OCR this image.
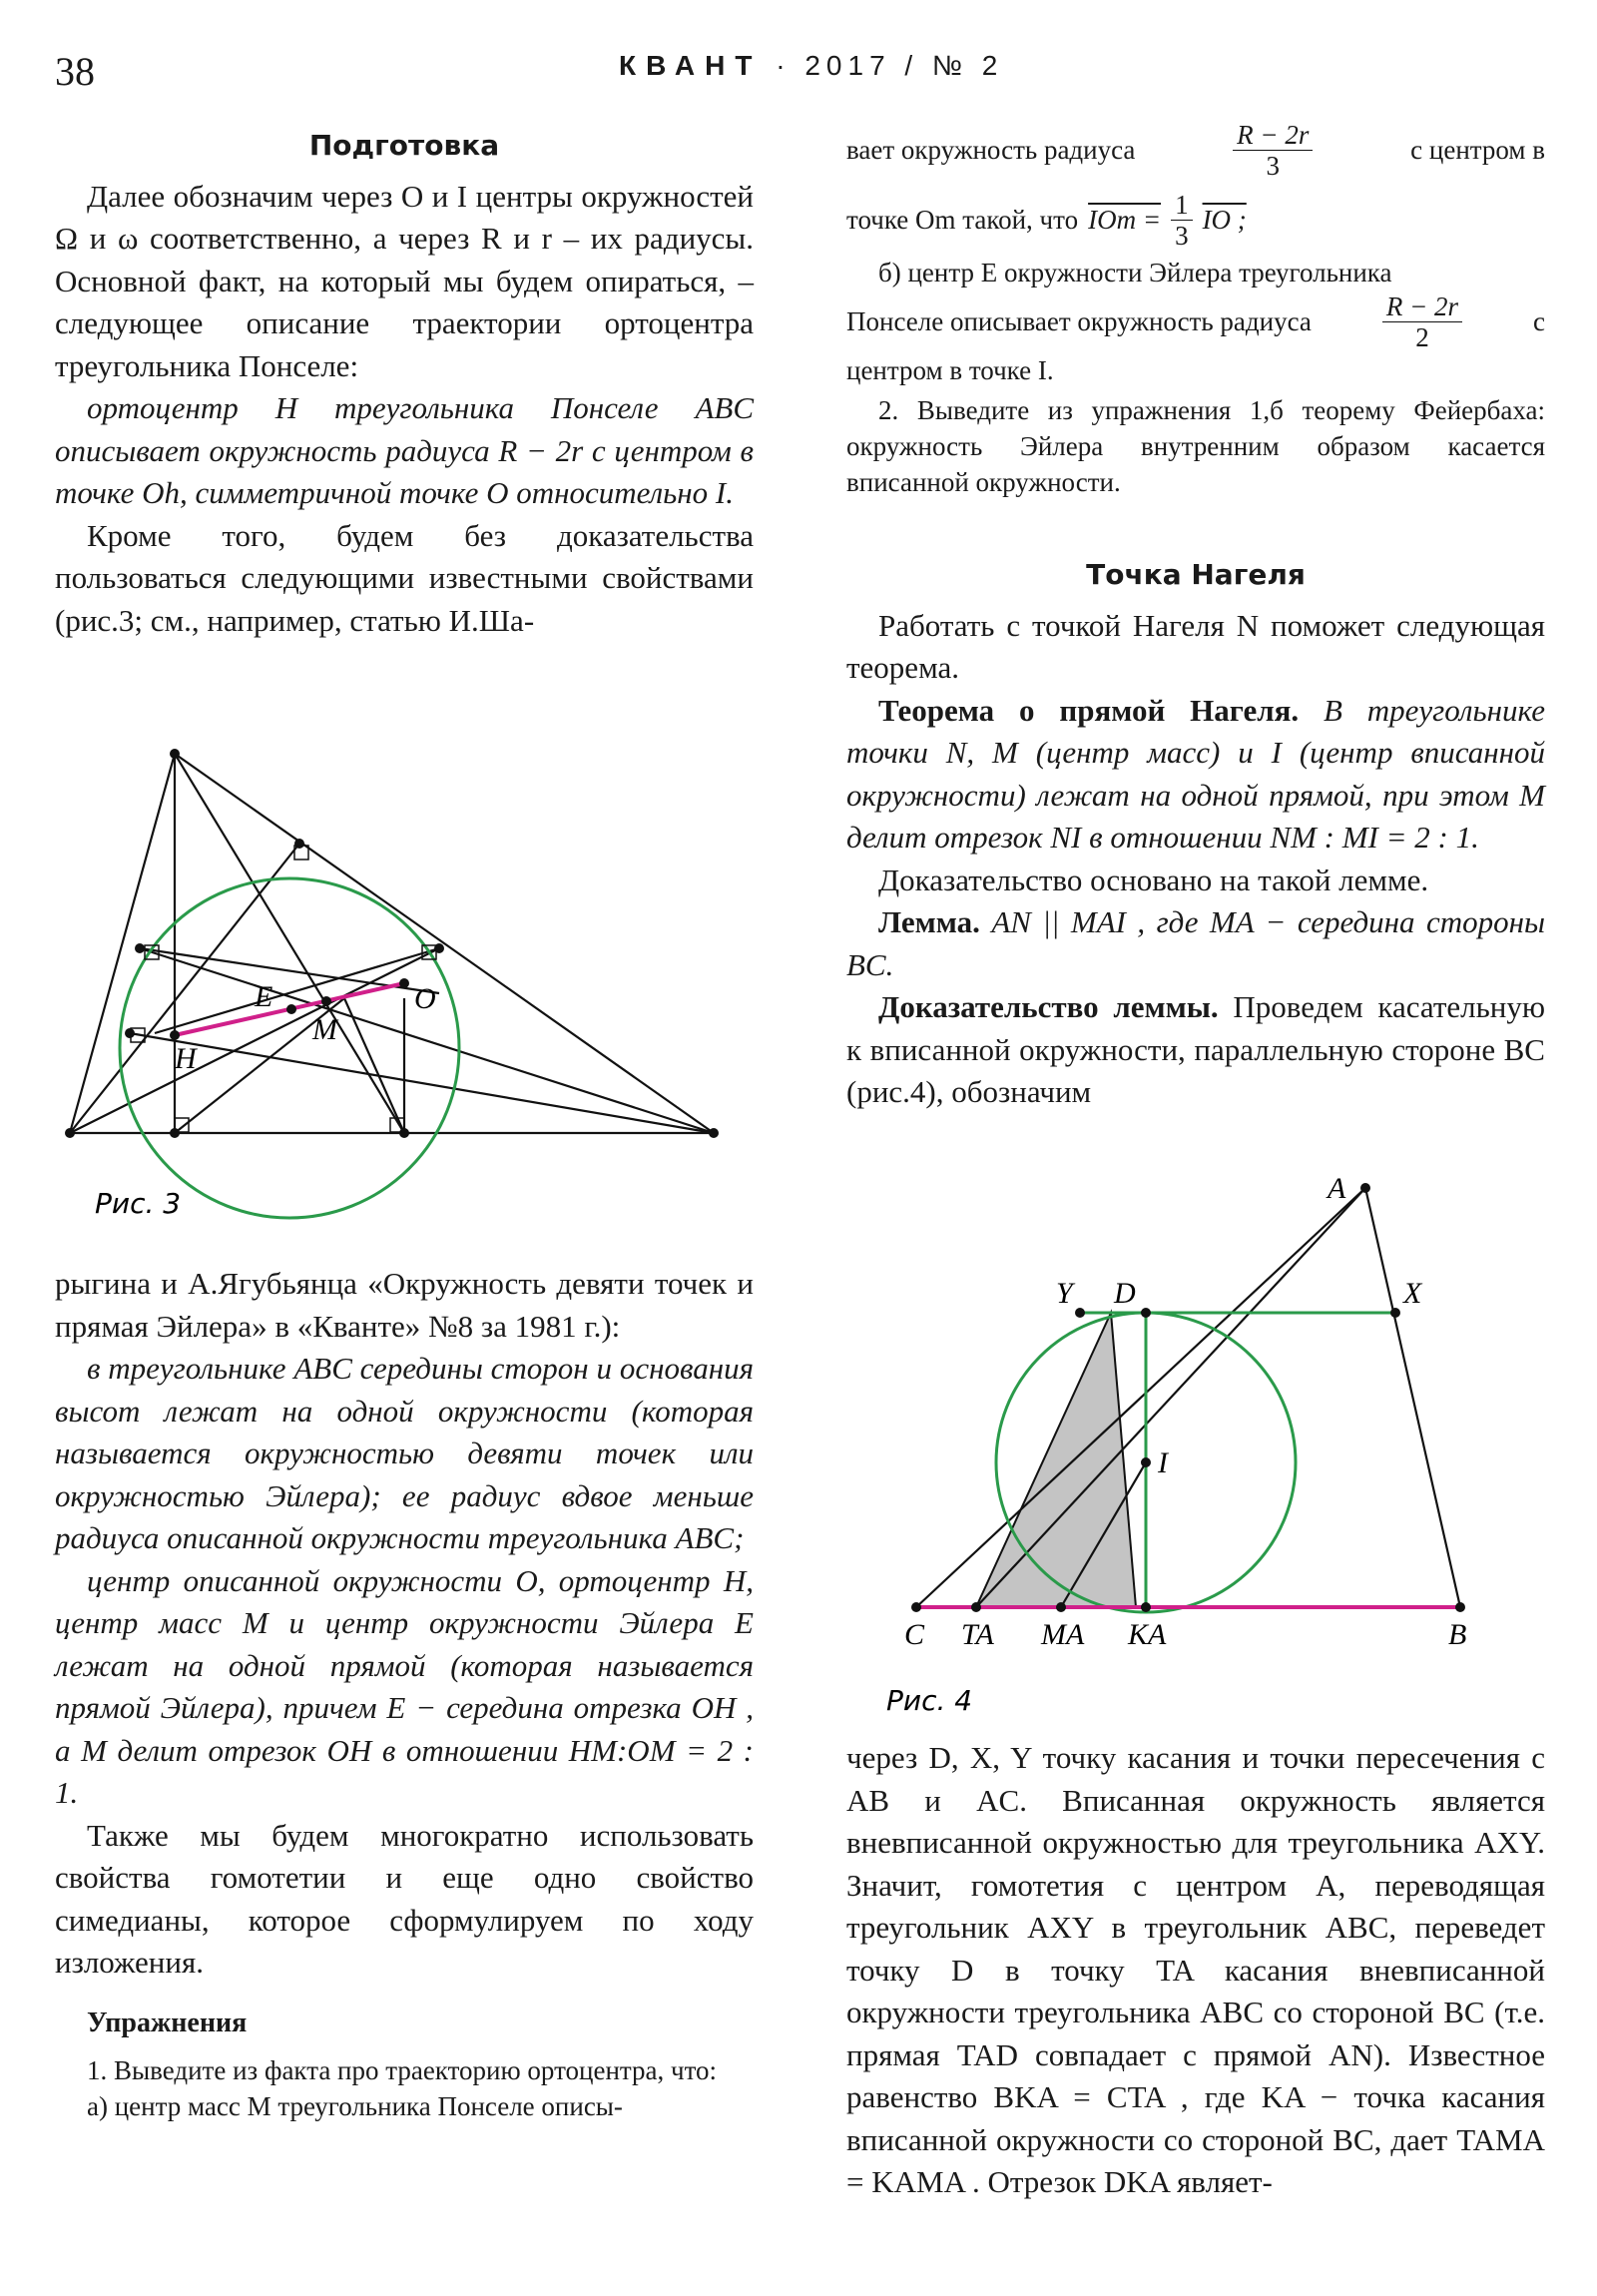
38	КВАНТ · 2017 / № 2
Подготовка

Далее обозначим через O и I центры окружностей Ω и ω соответственно, а через R и r – их радиусы. Основной факт, на который мы будем опираться, – следующее описание траектории ортоцентра треугольника Понселе:

ортоцентр H треугольника Понселе ABC описывает окружность радиуса R − 2r с центром в точке Oh, симметричной точке O относительно I.

Кроме того, будем без доказательства пользоваться следующими известными свойствами (рис.3; см., например, статью И.Ша-

E	O
M
H
Рис. 3

рыгина и А.Ягубьянца «Окружность девяти точек и прямая Эйлера» в «Кванте» №8 за 1981 г.):

в треугольнике ABC середины сторон и основания высот лежат на одной окружности (которая называется окружностью девяти точек или окружностью Эйлера); ее радиус вдвое меньше радиуса описанной окружности треугольника ABC;

центр описанной окружности O, ортоцентр H, центр масс M и центр окружности Эйлера E лежат на одной прямой (которая называется прямой Эйлера), причем E − середина отрезка OH , а M делит отрезок OH в отношении HM:OM = 2 : 1.

Также мы будем многократно использовать свойства гомотетии и еще одно свойство симедианы, которое сформулируем по ходу изложения.

Упражнения

1. Выведите из факта про траекторию ортоцентра, что:

а) центр масс M треугольника Понселе описы-

вает окружность радиуса	$\frac{R - 2r}{3}$	с центром в
точке Om такой, что IOm = $\frac{1}{3}$ IO ;

б) центр E окружности Эйлера треугольника

Понселе описывает окружность радиуса	$\frac{R - 2r}{2}$	с

центром в точке I.

2. Выведите из упражнения 1,б теорему Фейербаха: окружность Эйлера внутренним образом касается вписанной окружности.

Точка Нагеля

Работать с точкой Нагеля N поможет следующая теорема.

Теорема о прямой Нагеля. В треугольнике точки N, M (центр масс) и I (центр вписанной окружности) лежат на одной прямой, при этом M делит отрезок NI в отношении NM : MI = 2 : 1.

Доказательство основано на такой лемме.

Лемма. AN || MAI , где MA − середина стороны BC.

Доказательство леммы. Проведем касательную к вписанной окружности, параллельную стороне BC (рис.4), обозначим

A
Y D	X
I
C TA MA KA	B
Рис. 4

через D, X, Y точку касания и точки пересечения с AB и AC. Вписанная окружность является вневписанной окружностью для треугольника AXY. Значит, гомотетия с центром A, переводящая треугольник AXY в треугольник ABC, переведет точку D в точку TA касания вневписанной окружности треугольника ABC со стороной BC (т.е. прямая TAD совпадает с прямой AN). Известное равенство BKA = CTA , где KA − точка касания вписанной окружности со стороной BC, дает TAMA = KAMA . Отрезок DKA являет-
